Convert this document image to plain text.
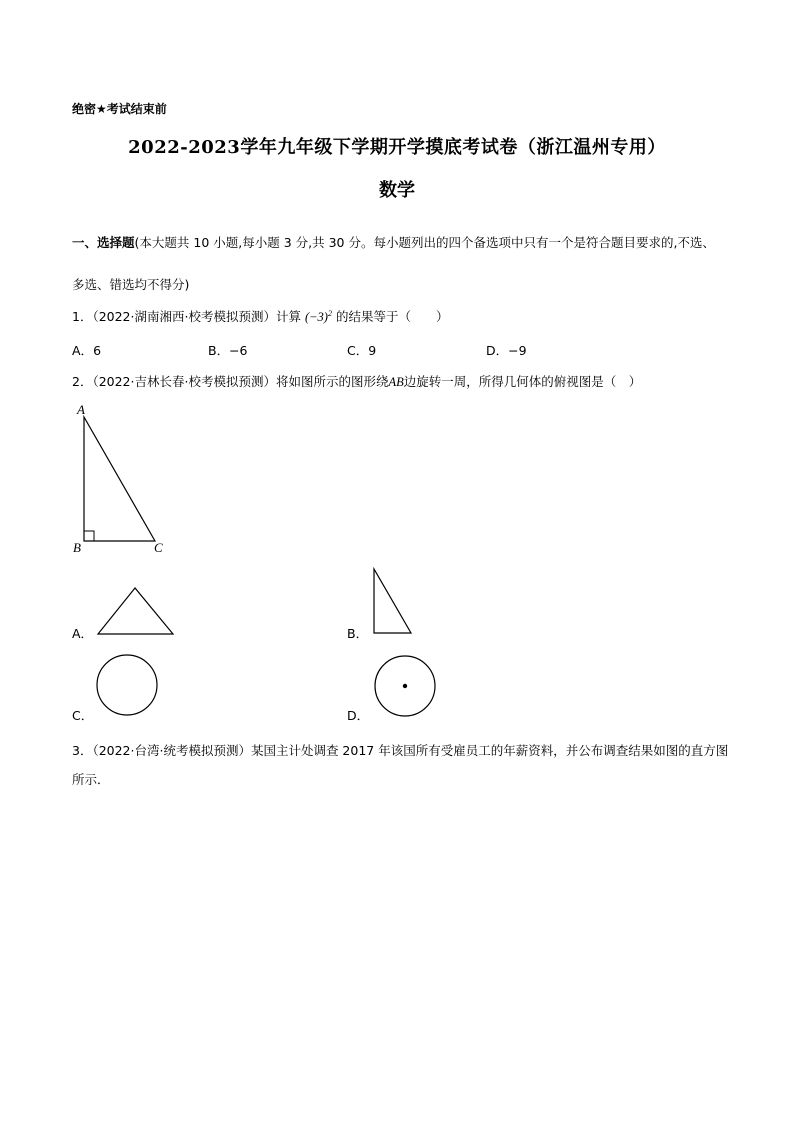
绝密★考试结束前
2022-2023学年九年级下学期开学摸底考试卷（浙江温州专用）
数学
一、选择题(本大题共 10 小题,每小题 3 分,共 30 分。每小题列出的四个备选项中只有一个是符合题目要求的,不选、多选、错选均不得分)
1．（2022·湖南湘西·校考模拟预测）计算 $(-3)^2$ 的结果等于（　　）
A．6	B．−6	C．9	D．−9
2．（2022·吉林长春·校考模拟预测）将如图所示的图形绕AB边旋转一周，所得几何体的俯视图是（　）
A
B	C
A．	B．
C．	D．
3．（2022·台湾·统考模拟预测）某国主计处调查 2017 年该国所有受雇员工的年薪资料，并公布调查结果如图的直方图所示．
